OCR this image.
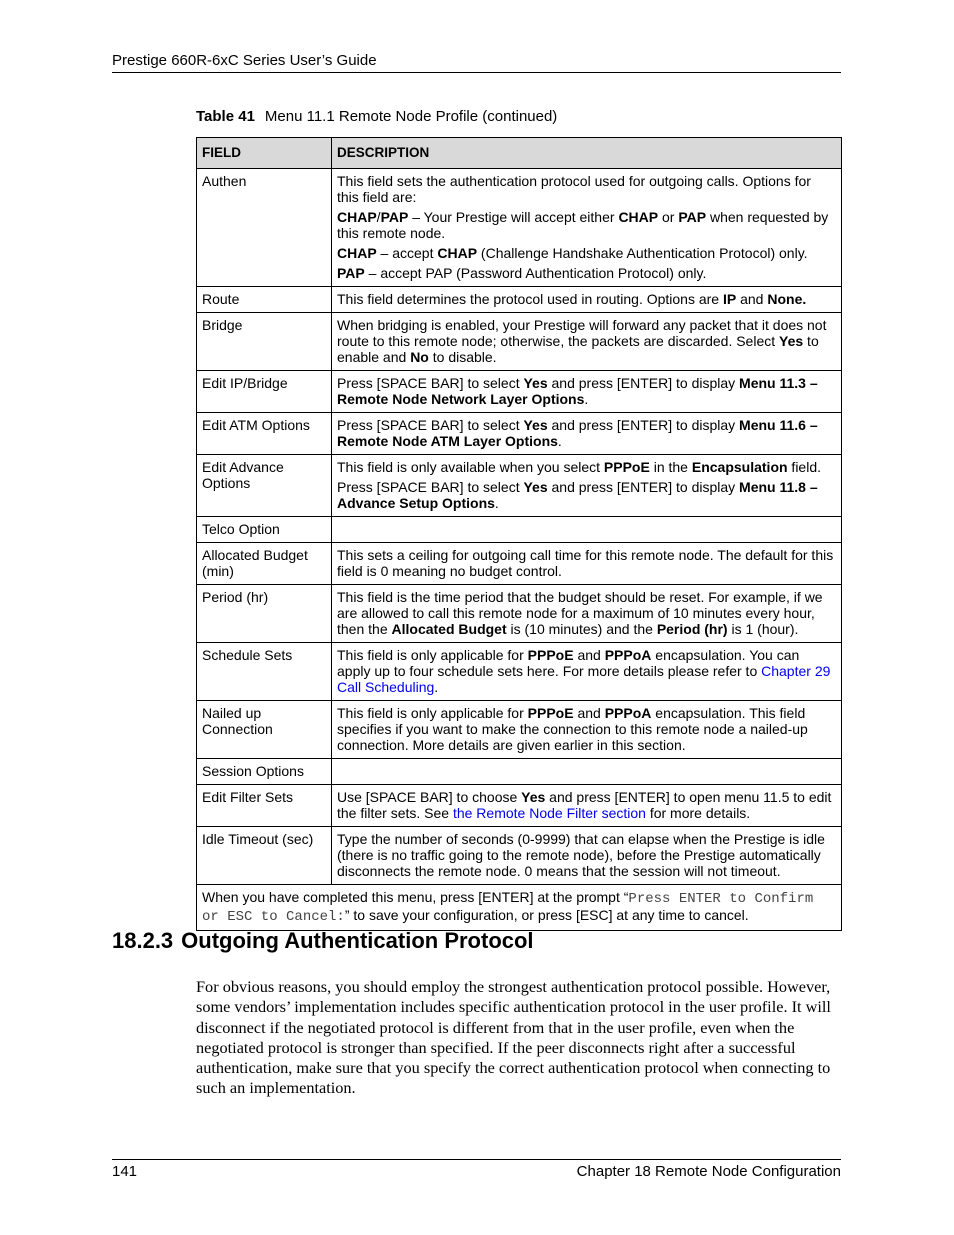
Prestige 660R-6xC Series User’s Guide
Table 41 Menu 11.1 Remote Node Profile (continued)
FIELD	DESCRIPTION
Authen	This field sets the authentication protocol used for outgoing calls. Options for this field are:

CHAP/PAP – Your Prestige will accept either CHAP or PAP when requested by this remote node.

CHAP – accept CHAP (Challenge Handshake Authentication Protocol) only.

PAP – accept PAP (Password Authentication Protocol) only.

Route	This field determines the protocol used in routing. Options are IP and None.
Bridge	When bridging is enabled, your Prestige will forward any packet that it does not route to this remote node; otherwise, the packets are discarded. Select Yes to enable and No to disable.
Edit IP/Bridge	Press [SPACE BAR] to select Yes and press [ENTER] to display Menu 11.3 – Remote Node Network Layer Options.
Edit ATM Options	Press [SPACE BAR] to select Yes and press [ENTER] to display Menu 11.6 – Remote Node ATM Layer Options.
Edit Advance Options	This field is only available when you select PPPoE in the Encapsulation field.

Press [SPACE BAR] to select Yes and press [ENTER] to display Menu 11.8 – Advance Setup Options.

Telco Option	
Allocated Budget (min)	This sets a ceiling for outgoing call time for this remote node. The default for this field is 0 meaning no budget control.
Period (hr)	This field is the time period that the budget should be reset. For example, if we are allowed to call this remote node for a maximum of 10 minutes every hour, then the Allocated Budget is (10 minutes) and the Period (hr) is 1 (hour).
Schedule Sets	This field is only applicable for PPPoE and PPPoA encapsulation. You can apply up to four schedule sets here. For more details please refer to Chapter 29 Call Scheduling.
Nailed up Connection	This field is only applicable for PPPoE and PPPoA encapsulation. This field specifies if you want to make the connection to this remote node a nailed-up connection. More details are given earlier in this section.
Session Options	
Edit Filter Sets	Use [SPACE BAR] to choose Yes and press [ENTER] to open menu 11.5 to edit the filter sets. See the Remote Node Filter section for more details.
Idle Timeout (sec)	Type the number of seconds (0-9999) that can elapse when the Prestige is idle (there is no traffic going to the remote node), before the Prestige automatically disconnects the remote node. 0 means that the session will not timeout.
When you have completed this menu, press [ENTER] at the prompt “Press ENTER to Confirm or ESC to Cancel:” to save your configuration, or press [ESC] at any time to cancel.	
18.2.3 Outgoing Authentication Protocol

For obvious reasons, you should employ the strongest authentication protocol possible. However, some vendors’ implementation includes specific authentication protocol in the user profile. It will disconnect if the negotiated protocol is different from that in the user profile, even when the negotiated protocol is stronger than specified. If the peer disconnects right after a successful authentication, make sure that you specify the correct authentication protocol when connecting to such an implementation.

141	Chapter 18 Remote Node Configuration
